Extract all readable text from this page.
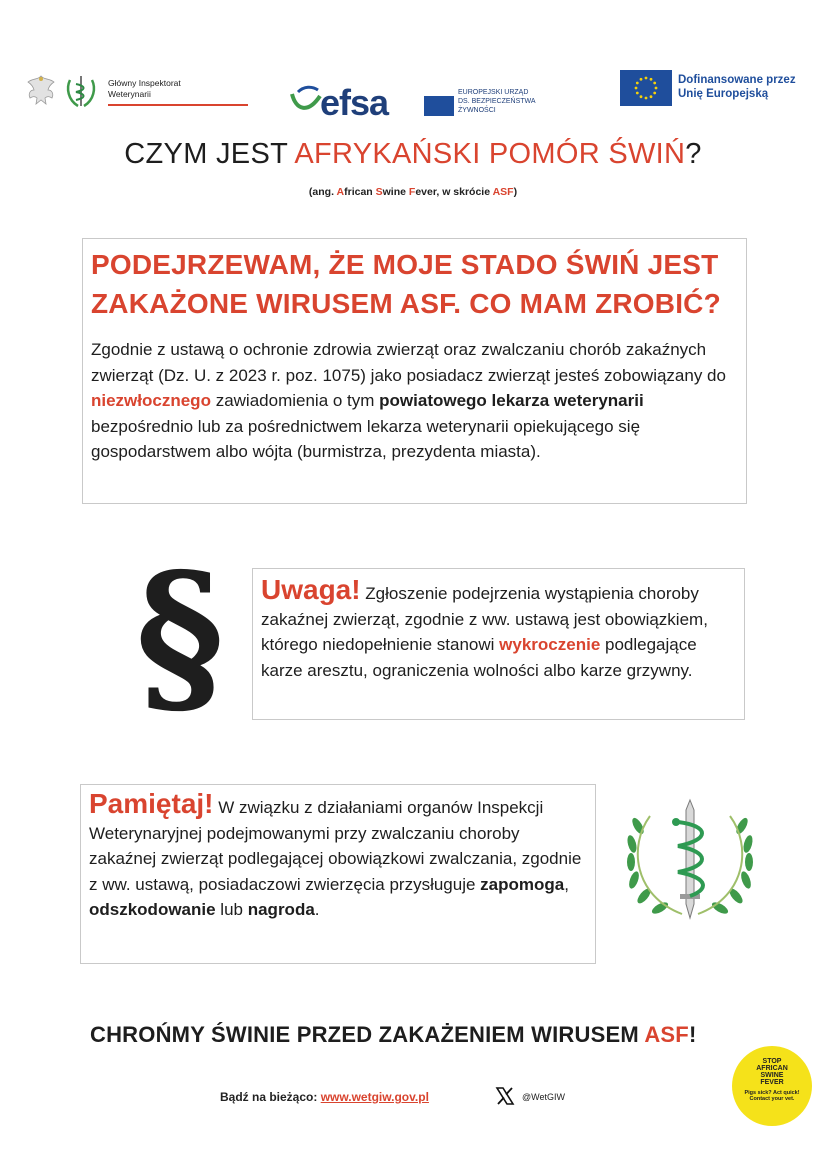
Główny Inspektorat
Weterynarii	efsa	EUROPEJSKI URZĄD
DS. BEZPIECZEŃSTWA
ŻYWNOŚCI
Dofinansowane przez
Unię Europejską
CZYM JEST AFRYKAŃSKI POMÓR ŚWIŃ?
(ang. African Swine Fever, w skrócie ASF)
PODEJRZEWAM, ŻE MOJE STADO ŚWIŃ JEST
ZAKAŻONE WIRUSEM ASF. CO MAM ZROBIĆ?
Zgodnie z ustawą o ochronie zdrowia zwierząt oraz zwalczaniu chorób zakaźnych zwierząt (Dz. U. z 2023 r. poz. 1075) jako posiadacz zwierząt jesteś zobowiązany do niezwłocznego zawiadomienia o tym powiatowego lekarza weterynarii bezpośrednio lub za pośrednictwem lekarza weterynarii opiekującego się gospodarstwem albo wójta (burmistrza, prezydenta miasta).
§	Uwaga! Zgłoszenie podejrzenia wystąpienia choroby zakaźnej zwierząt, zgodnie z ww. ustawą jest obowiązkiem, którego niedopełnienie stanowi wykroczenie podlegające karze aresztu, ograniczenia wolności albo karze grzywny.
Pamiętaj! W związku z działaniami organów Inspekcji Weterynaryjnej podejmowanymi przy zwalczaniu choroby zakaźnej zwierząt podlegającej obowiązkowi zwalczania, zgodnie z ww. ustawą, posiadaczowi zwierzęcia przysługuje zapomoga,
odszkodowanie lub nagroda.
CHROŃMY ŚWINIE PRZED ZAKAŻENIEM WIRUSEM ASF!
Bądź na bieżąco: www.wetgiw.gov.pl	@WetGIW
STOP
AFRICAN
SWINE
FEVER
Pigs sick? Act quick!
Contact your vet.
